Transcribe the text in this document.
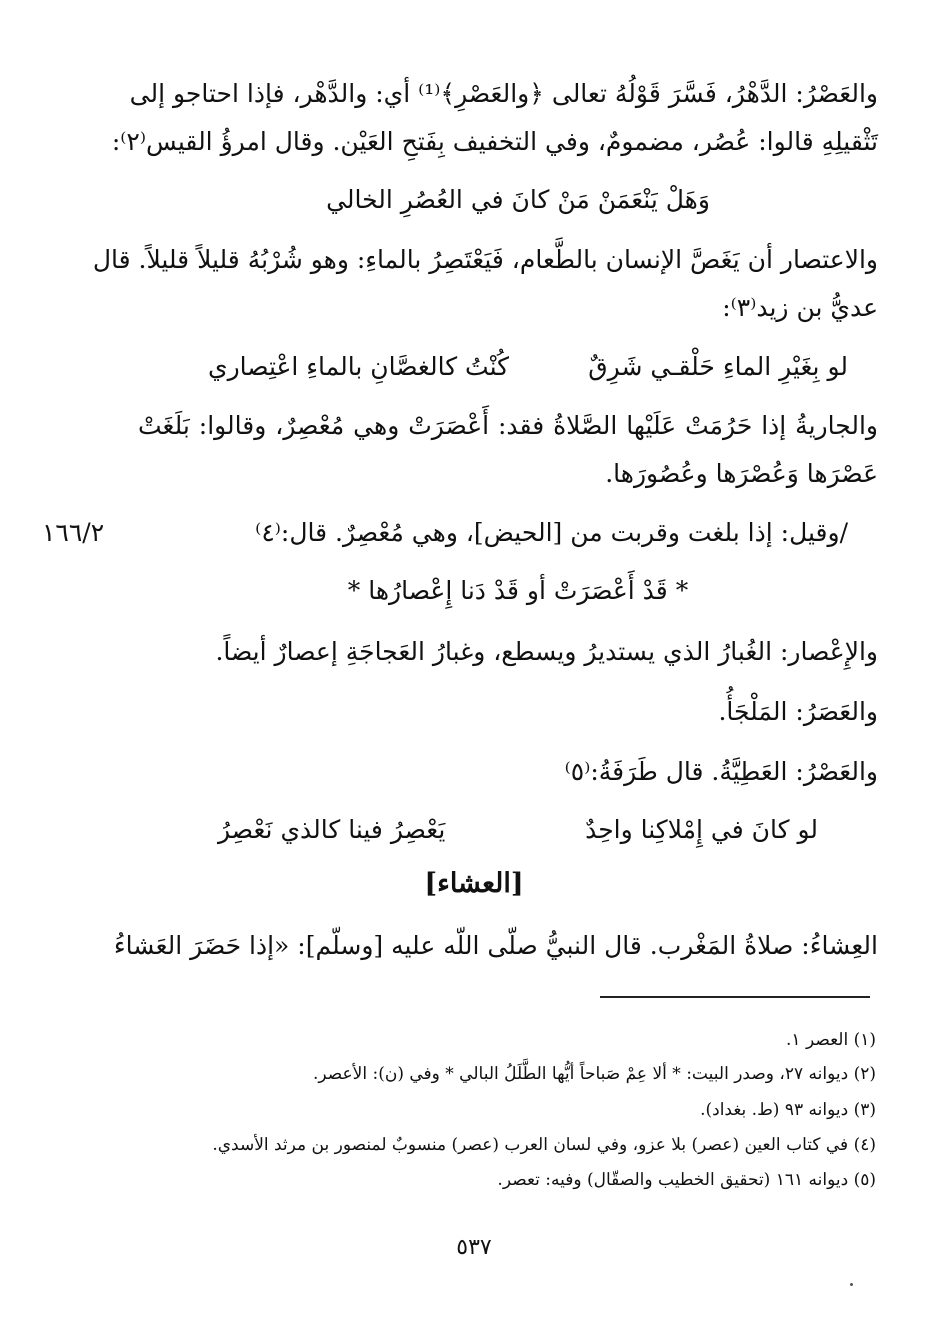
والعَصْرُ: الدَّهْرُ، فَسَّرَ قَوْلُهُ تعالى ﴿والعَصْرِ﴾⁽¹⁾ أي: والدَّهْر، فإذا احتاجو إلى
تَثْقيلِهِ قالوا: عُصُر، مضمومٌ، وفي التخفيف بِفَتحِ العَيْن. وقال امرؤُ القيس⁽٢⁾:
وَهَلْ يَنْعَمَنْ مَنْ كانَ في العُصُرِ الخالي
والاعتصار أن يَغَصَّ الإنسان بالطَّعام، فَيَعْتَصِرُ بالماءِ: وهو شُرْبُهُ قليلاً قليلاً. قال
عديُّ بن زيد⁽٣⁾:
لو بِغَيْرِ الماءِ حَلْقـي شَرِقٌ
كُنْتُ كالغصَّانِ بالماءِ اعْتِصاري
والجاريةُ إذا حَرُمَتْ عَلَيْها الصَّلاةُ فقد: أَعْصَرَتْ وهي مُعْصِرٌ، وقالوا: بَلَغَتْ
عَصْرَها وَعُصْرَها وعُصُورَها.
/وقيل: إذا بلغت وقربت من [الحيض]، وهي مُعْصِرٌ. قال:⁽٤⁾
١٦٦/٢
* قَدْ أَعْصَرَتْ أو قَدْ دَنا إِعْصارُها *
والإِعْصار: الغُبارُ الذي يستديرُ ويسطع، وغبارُ العَجاجَةِ إعصارٌ أيضاً.
والعَصَرُ: المَلْجَأُ.
والعَصْرُ: العَطِيَّةُ. قال طَرَفَةُ:⁽٥⁾
لو كانَ في إِمْلاكِنا واحِدٌ
يَعْصِرُ فينا كالذي نَعْصِرُ
[العشاء]
العِشاءُ: صلاةُ المَغْرب. قال النبيُّ صلّى اللّه عليه [وسلّم]: «إذا حَضَرَ العَشاءُ
(١) العصر ١.
(٢) ديوانه ٢٧، وصدر البيت: * ألا عِمْ صَباحاً أيُّها الطَّلَلُ البالي * وفي (ن): الأعصر.
(٣) ديوانه ٩٣ (ط. بغداد).
(٤) في كتاب العين (عصر) بلا عزو، وفي لسان العرب (عصر) منسوبٌ لمنصور بن مرثد الأسدي.
(٥) ديوانه ١٦١ (تحقيق الخطيب والصقّال) وفيه: تعصر.
٥٣٧
